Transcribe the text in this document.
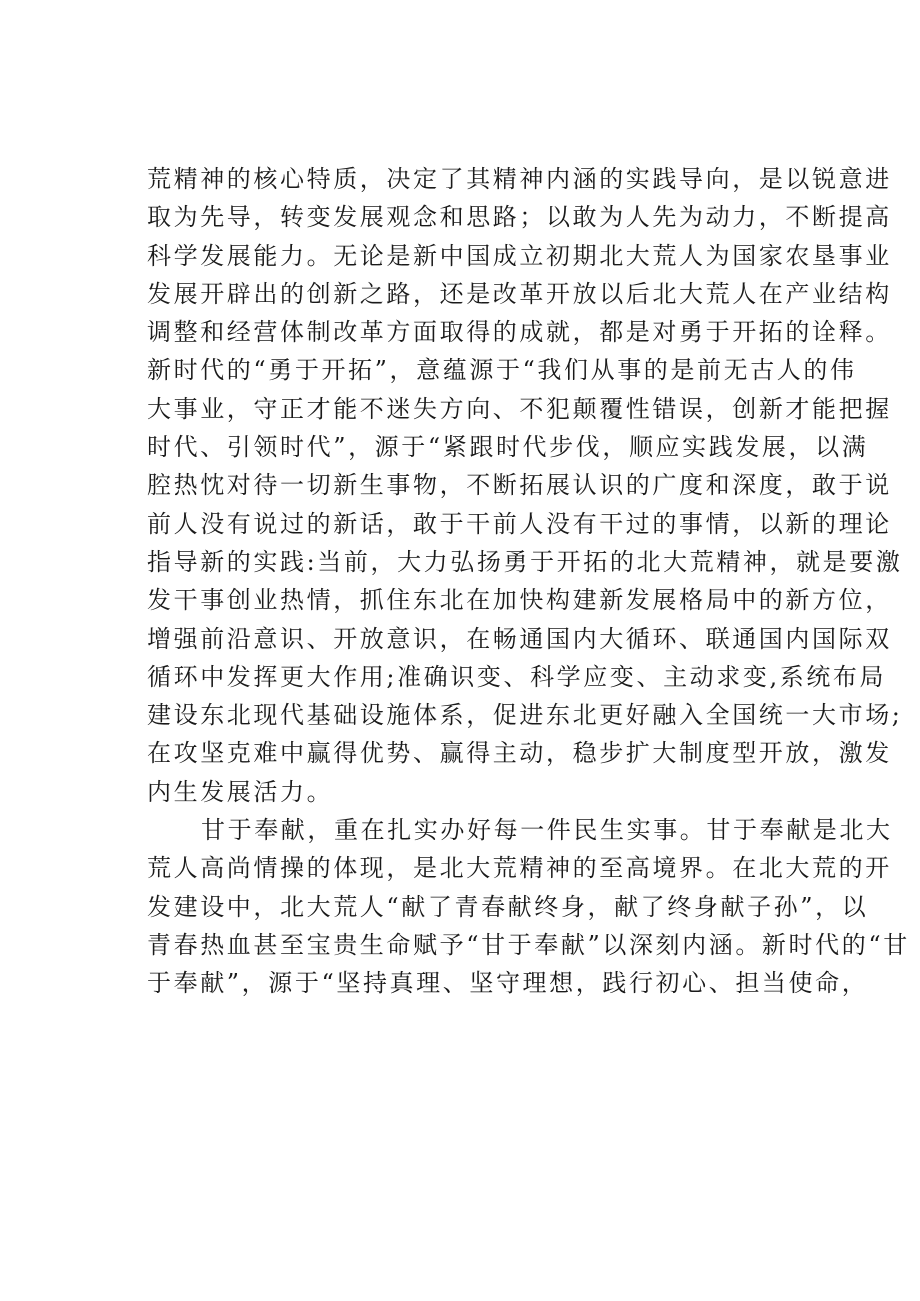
荒精神的核心特质，决定了其精神内涵的实践导向，是以锐意进
取为先导，转变发展观念和思路；以敢为人先为动力，不断提高
科学发展能力。无论是新中国成立初期北大荒人为国家农垦事业
发展开辟出的创新之路，还是改革开放以后北大荒人在产业结构
调整和经营体制改革方面取得的成就，都是对勇于开拓的诠释。
新时代的“勇于开拓”，意蕴源于“我们从事的是前无古人的伟
大事业，守正才能不迷失方向、不犯颠覆性错误，创新才能把握
时代、引领时代”，源于“紧跟时代步伐，顺应实践发展，以满
腔热忱对待一切新生事物，不断拓展认识的广度和深度，敢于说
前人没有说过的新话，敢于干前人没有干过的事情，以新的理论
指导新的实践:当前，大力弘扬勇于开拓的北大荒精神，就是要激
发干事创业热情，抓住东北在加快构建新发展格局中的新方位，
增强前沿意识、开放意识，在畅通国内大循环、联通国内国际双
循环中发挥更大作用;准确识变、科学应变、主动求变,系统布局
建设东北现代基础设施体系，促进东北更好融入全国统一大市场;
在攻坚克难中赢得优势、赢得主动，稳步扩大制度型开放，激发
内生发展活力。
甘于奉献，重在扎实办好每一件民生实事。甘于奉献是北大
荒人高尚情操的体现，是北大荒精神的至高境界。在北大荒的开
发建设中，北大荒人“献了青春献终身，献了终身献子孙”，以
青春热血甚至宝贵生命赋予“甘于奉献”以深刻内涵。新时代的“甘
于奉献”，源于“坚持真理、坚守理想，践行初心、担当使命，
